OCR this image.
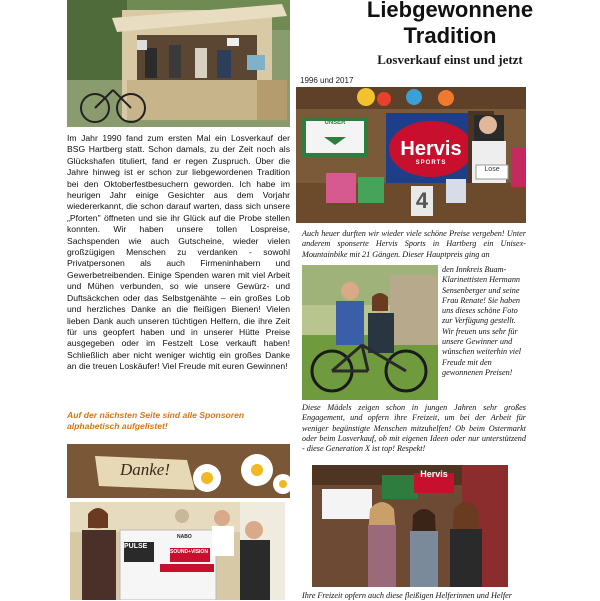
Liebgewonnene
Tradition
Losverkauf einst und jetzt
1996 und 2017
Im Jahr 1990 fand zum ersten Mal ein Losverkauf der BSG Hartberg statt. Schon damals, zu der Zeit noch als Glückshafen tituliert, fand er regen Zuspruch. Über die Jahre hinweg ist er schon zur liebgewordenen Tradition bei den Oktoberfestbesuchern geworden. Ich habe im heurigen Jahr einige Gesichter aus dem Vorjahr wiedererkannt, die schon darauf warten, dass sich unsere „Pforten" öffneten und sie ihr Glück auf die Probe stellen konnten. Wir haben unsere tollen Lospreise, Sachspenden wie auch Gutscheine, wieder vielen großzügigen Menschen zu verdanken - sowohl Privatpersonen als auch Firmeninhabern und Gewerbetreibenden. Einige Spenden waren mit viel Arbeit und Mühen verbunden, so wie unsere Gewürz- und Duftsäckchen oder das Selbstgenähte – ein großes Lob und herzliches Danke an die fleißigen Bienen! Vielen lieben Dank auch unseren tüchtigen Helfern, die ihre Zeit für uns geopfert haben und in unserer Hütte Preise ausgegeben oder im Festzelt Lose verkauft haben! Schließlich aber nicht weniger wichtig ein großes Danke an die treuen Loskäufer! Viel Freude mit euren Gewinnen!
Auf der nächsten Seite sind alle Sponsoren alphabetisch aufgelistet!
Hervis
SPORTS
UNSER
Lose
4
Auch heuer durften wir wieder viele schöne Preise vergeben! Unter anderem sponserte Hervis Sports in Hartberg ein Unisex- Mountainbike mit 21 Gängen. Dieser Hauptpreis ging an
den Innkreis Buam-Klarinettisten Hermann Sensenberger und seine Frau Renate! Sie haben uns dieses schöne Foto zur Verfügung gestellt. Wir freuen uns sehr für unsere Gewinner und wünschen weiterhin viel Freude mit den gewonnenen Preisen!
Diese Mädels zeigen schon in jungen Jahren sehr großes Engagement, und opfern ihre Freizeit, um bei der Arbeit für weniger begünstigte Menschen mitzuhelfen! Ob beim Ostermarkt oder beim Losverkauf, ob mit eigenen Ideen oder nur unterstützend - diese Generation X ist top! Respekt!
Danke!
PULSE
SOUND+VISION
NABO
Hervis
Ihre Freizeit opfern auch diese fleißigen Helferinnen und Helfer
